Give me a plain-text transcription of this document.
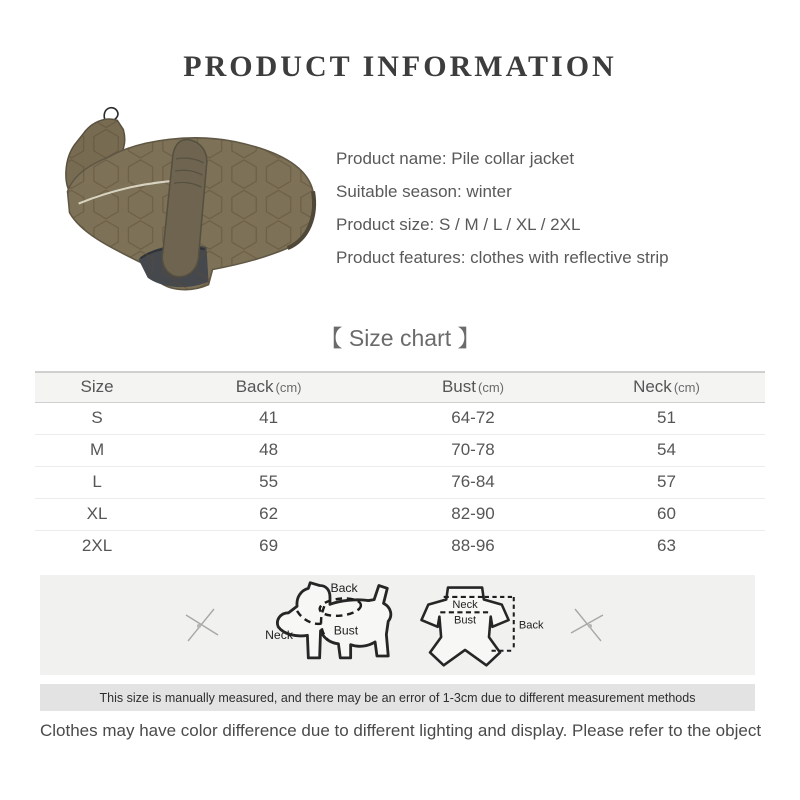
PRODUCT INFORMATION
Product name: Pile collar jacket
Suitable season: winter
Product size: S / M / L / XL / 2XL
Product features: clothes with reflective strip
【 Size chart 】
Size	Back (cm)	Bust (cm)	Neck (cm)
S	41	64-72	51
M	48	70-78	54
L	55	76-84	57
XL	62	82-90	60
2XL	69	88-96	63
Back
Neck	Bust
Neck
Bust	Back
This size is manually measured, and there may be an error of 1-3cm due to different measurement methods
Clothes may have color difference due to different lighting and display. Please refer to the object
